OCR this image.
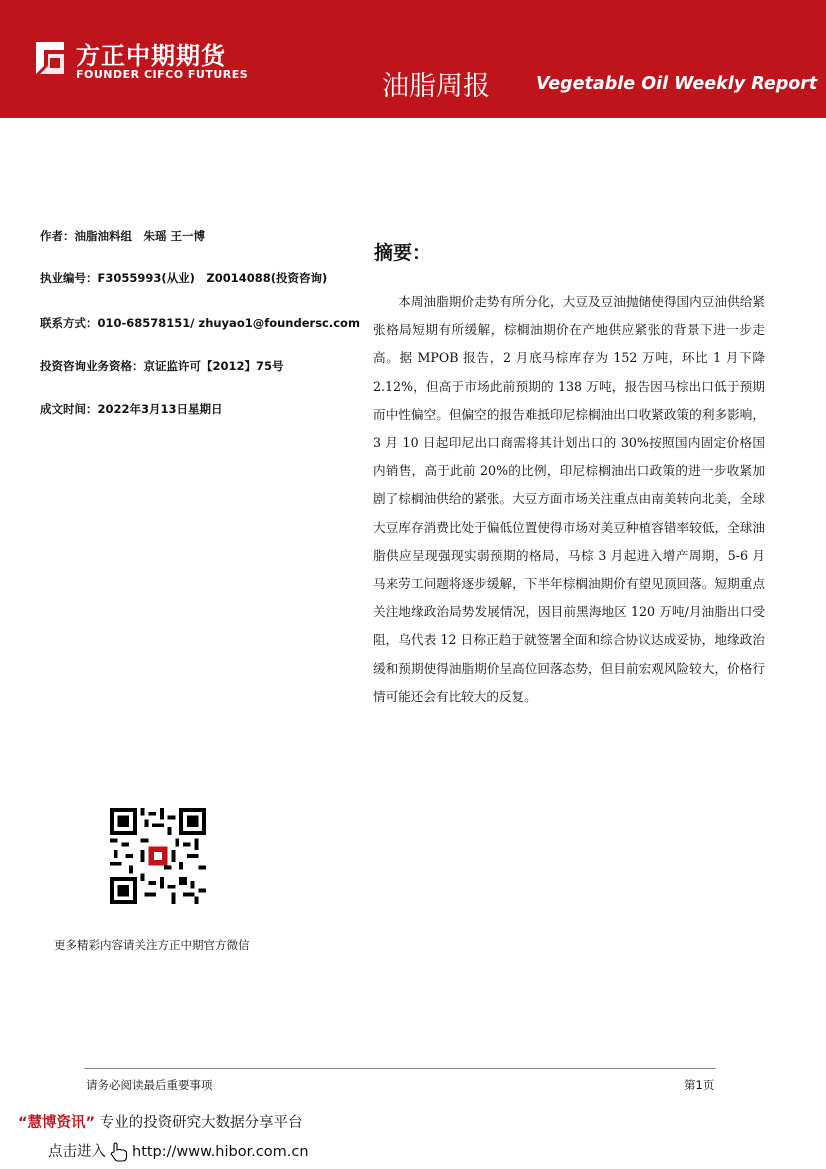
方正中期期货
FOUNDER CIFCO FUTURES	油脂周报	Vegetable Oil Weekly Report
作者：油脂油料组　朱瑶 王一博
执业编号：F3055993(从业)　Z0014088(投资咨询)
联系方式：010-68578151/ zhuyao1@foundersc.com
投资咨询业务资格：京证监许可【2012】75号
成文时间：2022年3月13日星期日
摘要：
本周油脂期价走势有所分化，大豆及豆油抛储使得国内豆油供给紧张格局短期有所缓解，棕榈油期价在产地供应紧张的背景下进一步走高。据 MPOB 报告，2 月底马棕库存为 152 万吨，环比 1 月下降 2.12%，但高于市场此前预期的 138 万吨，报告因马棕出口低于预期而中性偏空。但偏空的报告难抵印尼棕榈油出口收紧政策的利多影响，3 月 10 日起印尼出口商需将其计划出口的 30%按照国内固定价格国内销售，高于此前 20%的比例，印尼棕榈油出口政策的进一步收紧加剧了棕榈油供给的紧张。大豆方面市场关注重点由南美转向北美，全球大豆库存消费比处于偏低位置使得市场对美豆种植容错率较低，全球油脂供应呈现强现实弱预期的格局，马棕 3 月起进入增产周期，5-6 月马来劳工问题将逐步缓解，下半年棕榈油期价有望见顶回落。短期重点关注地缘政治局势发展情况，因目前黑海地区 120 万吨/月油脂出口受阻，乌代表 12 日称正趋于就签署全面和综合协议达成妥协，地缘政治缓和预期使得油脂期价呈高位回落态势，但目前宏观风险较大，价格行情可能还会有比较大的反复。
更多精彩内容请关注方正中期官方微信
请务必阅读最后重要事项	第1页
“慧博资讯” 专业的投资研究大数据分享平台
点击进入 http://www.hibor.com.cn
